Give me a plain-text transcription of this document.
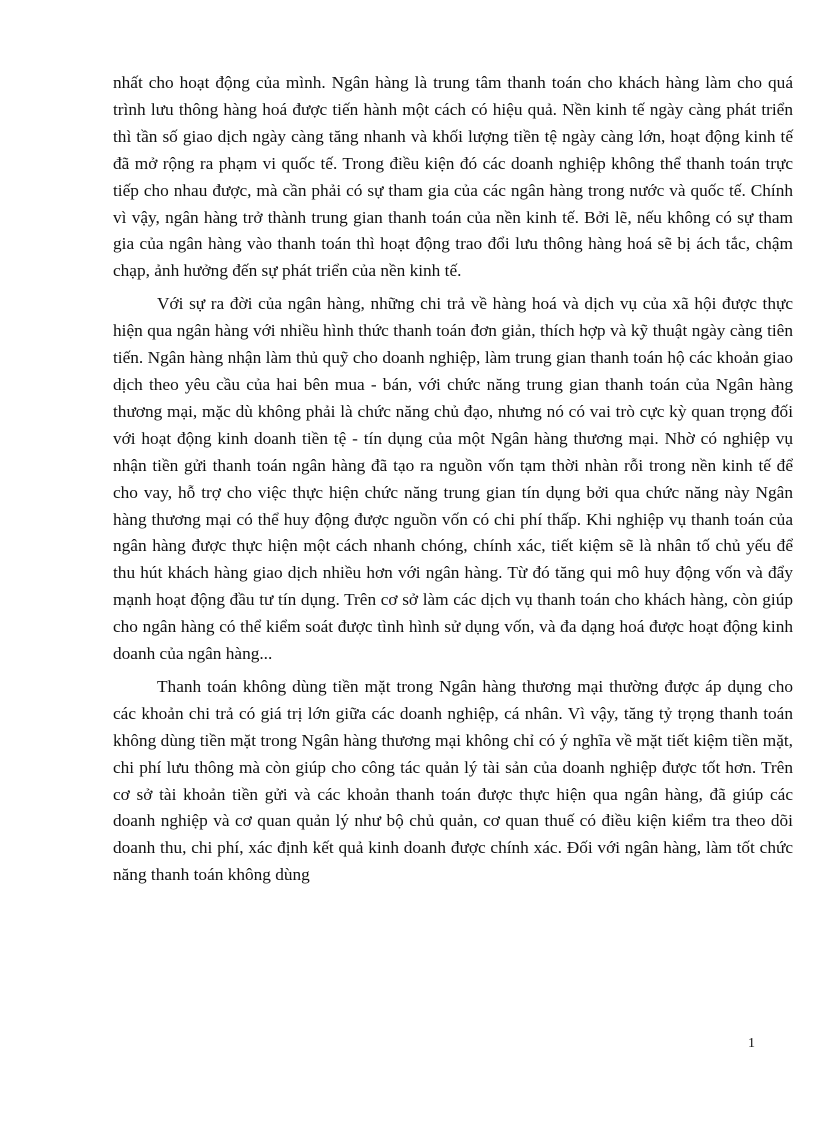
nhất cho hoạt động của mình. Ngân hàng là trung tâm thanh toán cho khách hàng làm cho quá trình lưu thông hàng hoá được tiến hành một cách có hiệu quả. Nền kinh tế ngày càng phát triển thì tần số giao dịch ngày càng tăng nhanh và khối lượng tiền tệ ngày càng lớn, hoạt động kinh tế đã mở rộng ra phạm vi quốc tế. Trong điều kiện đó các doanh nghiệp không thể thanh toán trực tiếp cho nhau được, mà cần phải có sự tham gia của các ngân hàng trong nước và quốc tế. Chính vì vậy, ngân hàng trở thành trung gian thanh toán của nền kinh tế. Bởi lẽ, nếu không có sự tham gia của ngân hàng vào thanh toán thì hoạt động trao đổi lưu thông hàng hoá sẽ bị ách tắc, chậm chạp, ảnh hưởng đến sự phát triển của nền kinh tế.

Với sự ra đời của ngân hàng, những chi trả về hàng hoá và dịch vụ của xã hội được thực hiện qua ngân hàng với nhiều hình thức thanh toán đơn giản, thích hợp và kỹ thuật ngày càng tiên tiến. Ngân hàng nhận làm thủ quỹ cho doanh nghiệp, làm trung gian thanh toán hộ các khoản giao dịch theo yêu cầu của hai bên mua - bán, với chức năng trung gian thanh toán của Ngân hàng thương mại, mặc dù không phải là chức năng chủ đạo, nhưng nó có vai trò cực kỳ quan trọng đối với hoạt động kinh doanh tiền tệ - tín dụng của một Ngân hàng thương mại. Nhờ có nghiệp vụ nhận tiền gửi thanh toán ngân hàng đã tạo ra nguồn vốn tạm thời nhàn rỗi trong nền kinh tế để cho vay, hỗ trợ cho việc thực hiện chức năng trung gian tín dụng bởi qua chức năng này Ngân hàng thương mại có thể huy động được nguồn vốn có chi phí thấp. Khi nghiệp vụ thanh toán của ngân hàng được thực hiện một cách nhanh chóng, chính xác, tiết kiệm sẽ là nhân tố chủ yếu để thu hút khách hàng giao dịch nhiều hơn với ngân hàng. Từ đó tăng qui mô huy động vốn và đẩy mạnh hoạt động đầu tư tín dụng. Trên cơ sở làm các dịch vụ thanh toán cho khách hàng, còn giúp cho ngân hàng có thể kiểm soát được tình hình sử dụng vốn, và đa dạng hoá được hoạt động kinh doanh của ngân hàng...

Thanh toán không dùng tiền mặt trong Ngân hàng thương mại thường được áp dụng cho các khoản chi trả có giá trị lớn giữa các doanh nghiệp, cá nhân. Vì vậy, tăng tỷ trọng thanh toán không dùng tiền mặt trong Ngân hàng thương mại không chỉ có ý nghĩa về mặt tiết kiệm tiền mặt, chi phí lưu thông mà còn giúp cho công tác quản lý tài sản của doanh nghiệp được tốt hơn. Trên cơ sở tài khoản tiền gửi và các khoản thanh toán được thực hiện qua ngân hàng, đã giúp các doanh nghiệp và cơ quan quản lý như bộ chủ quản, cơ quan thuế có điều kiện kiểm tra theo dõi doanh thu, chi phí, xác định kết quả kinh doanh được chính xác. Đối với ngân hàng, làm tốt chức năng thanh toán không dùng

1
